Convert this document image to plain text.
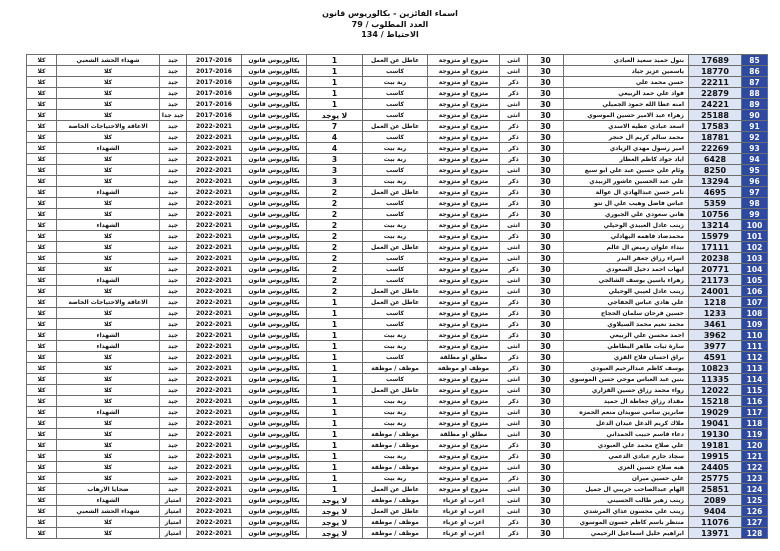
اسماء الفائزين - بكالوريوس قانون
العدد المطلوب / 79
الاحتياط / 134
85	17689	بتول حميد سعيد العبادي	30	انثى	متزوج او متزوجة	عاطل عن العمل	1	بكالوريوس قانون	2017-2016	جيد	شهداء الحشد الشعبي	كلا
86	18770	ياسمين عزيز جياد	30	انثى	متزوج او متزوجة	كاسب	1	بكالوريوس قانون	2017-2016	جيد	كلا	كلا
87	22211	حسن محمد علي	30	ذكر	متزوج او متزوجة	ربة بيت	1	بكالوريوس قانون	2017-2016	جيد	كلا	كلا
88	22879	فواد علي حمد الربيعي	30	ذكر	متزوج او متزوجة	كاسب	1	بكالوريوس قانون	2017-2016	جيد	كلا	كلا
89	24221	امنه عطا الله حمود الجميلي	30	انثى	متزوج او متزوجة	كاسب	1	بكالوريوس قانون	2017-2016	جيد	كلا	كلا
90	25188	زهراء عبد الامير حسين الموسوي	30	انثى	متزوج او متزوجة	كاسب	لا يوجد	بكالوريوس قانون	2017-2016	جيد جدا	كلا	كلا
91	17583	اسعد عبادي عطيه الاسدي	30	ذكر	متزوج او متزوجة	عاطل عن العمل	7	بكالوريوس قانون	2022-2021	جيد	الاعاقة والاحتياجات الخاصة	كلا
92	18781	محمد سالم كريم ال خنجر	30	ذكر	متزوج او متزوجة	كاسب	4	بكالوريوس قانون	2022-2021	جيد	كلا	كلا
93	22269	امير رسول مهدي الزيادي	30	ذكر	متزوج او متزوجة	ربة بيت	4	بكالوريوس قانون	2022-2021	جيد	الشهداء	كلا
94	6428	اياد جواد كاظم العطار	30	ذكر	متزوج او متزوجة	ربة بيت	3	بكالوريوس قانون	2022-2021	جيد	كلا	كلا
95	8250	وئام علي حسين عبد علي ابو سبع	30	انثى	متزوج او متزوجة	كاسب	3	بكالوريوس قانون	2022-2021	جيد	كلا	كلا
96	13294	علي عبد الحسين عاشور الزبيدي	30	ذكر	متزوج او متزوجة	ربة بيت	3	بكالوريوس قانون	2022-2021	جيد	كلا	كلا
97	4695	ثامر حسن عبدالهادي ال عوالة	30	ذكر	متزوج او متزوجة	عاطل عن العمل	2	بكالوريوس قانون	2022-2021	جيد	الشهداء	كلا
98	5359	عباس فاضل وهيب علي ال نتو	30	ذكر	متزوج او متزوجة	كاسب	2	بكالوريوس قانون	2022-2021	جيد	كلا	كلا
99	10756	هاني سعودي علي الجبوري	30	ذكر	متزوج او متزوجة	كاسب	2	بكالوريوس قانون	2022-2021	جيد	كلا	كلا
100	13214	زينب عادل العبيدي الوحيلي	30	انثى	متزوج او متزوجة	ربة بيت	2	بكالوريوس قانون	2022-2021	جيد	الشهداء	كلا
101	15979	محمدضاد فاهمه البهادلي	30	ذكر	متزوج او متزوجة	ربة بيت	2	بكالوريوس قانون	2022-2021	جيد	كلا	كلا
102	17111	بيداء علوان رميض ال غالم	30	انثى	متزوج او متزوجة	عاطل عن العمل	2	بكالوريوس قانون	2022-2021	جيد	كلا	كلا
103	20238	اسراء رزاق جعفر البدر	30	انثى	متزوج او متزوجة	كاسب	2	بكالوريوس قانون	2022-2021	جيد	كلا	كلا
104	20771	ايهاب احمد دخيل السعودي	30	ذكر	متزوج او متزوجة	كاسب	2	بكالوريوس قانون	2022-2021	جيد	كلا	كلا
105	21173	زهراء ياسين يوسف الشالجي	30	انثى	متزوج او متزوجة	كاسب	2	بكالوريوس قانون	2022-2021	جيد	الشهداء	كلا
106	24001	زينب عادل لعيبي الوحيلي	30	انثى	متزوج او متزوجة	عاطل عن العمل	2	بكالوريوس قانون	2022-2021	جيد	كلا	كلا
107	1218	علي هادي عباس الخفاجي	30	ذكر	متزوج او متزوجة	عاطل عن العمل	1	بكالوريوس قانون	2022-2021	جيد	الاعاقة والاحتياجات الخاصة	كلا
108	1233	حسين فرحان سلمان الحجاج	30	ذكر	متزوج او متزوجة	كاسب	1	بكالوريوس قانون	2022-2021	جيد	كلا	كلا
109	3461	محمد نعيم محمد السيلاوي	30	ذكر	متزوج او متزوجة	كاسب	1	بكالوريوس قانون	2022-2021	جيد	كلا	كلا
110	3962	احمد محسن علي الربيعي	30	ذكر	متزوج او متزوجة	ربة بيت	1	بكالوريوس قانون	2022-2021	جيد	الشهداء	كلا
111	3977	سارة ثيات طاهر البطاطي	30	انثى	متزوج او متزوجة	ربة بيت	1	بكالوريوس قانون	2022-2021	جيد	الشهداء	كلا
112	4591	براق احسان فلاح القزي	30	ذكر	مطلق او مطلقة	كاسب	1	بكالوريوس قانون	2022-2021	جيد	كلا	كلا
113	10823	يوسف كاظم عبدالرحيم العبودي	30	ذكر	موظف او موظفة	موظف / موظفة	1	بكالوريوس قانون	2022-2021	جيد	كلا	كلا
114	11335	بنين عبد العباس موحي حسن الموسوي	30	انثى	متزوج او متزوجة	كاسب	1	بكالوريوس قانون	2022-2021	جيد	كلا	كلا
115	12022	رواء محمد رزاق حسين الفزاري	30	انثى	متزوج او متزوجة	عاطل عن العمل	1	بكالوريوس قانون	2022-2021	جيد	كلا	كلا
116	15218	مقداد رزاق جعاطة ال حميد	30	ذكر	متزوج او متزوجة	ربة بيت	1	بكالوريوس قانون	2022-2021	جيد	كلا	كلا
117	19029	صابرين سامي سويدان منعم الحمزه	30	انثى	متزوج او متزوجة	ربة بيت	1	بكالوريوس قانون	2022-2021	جيد	الشهداء	كلا
118	19041	ملاك كريم الدغل عيدان الدغل	30	انثى	متزوج او متزوجة	ربة بيت	1	بكالوريوس قانون	2022-2021	جيد	كلا	كلا
119	19130	دعاء قاسم حبيب الحمداني	30	انثى	مطلق او مطلقة	موظف / موظفة	1	بكالوريوس قانون	2022-2021	جيد	كلا	كلا
120	19181	علي صلاح محمد علي العبودي	30	ذكر	متزوج او متزوجة	موظف / موظفة	1	بكالوريوس قانون	2022-2021	جيد	كلا	كلا
121	19915	سجاد جازم عبادي الدعمي	30	ذكر	متزوج او متزوجة	ربة بيت	1	بكالوريوس قانون	2022-2021	جيد	كلا	كلا
122	24405	هبه صلاح حسين الغزي	30	انثى	متزوج او متزوجة	موظف / موظفة	1	بكالوريوس قانون	2022-2021	جيد	كلا	كلا
123	25775	علي حسين ميران	30	ذكر	متزوج او متزوجة	ربة بيت	1	بكالوريوس قانون	2022-2021	جيد	كلا	كلا
124	25851	الهام عبدالصاحب جريبي ال جميل	30	انثى	متزوج او متزوجة	عاطل عن العمل	1	بكالوريوس قانون	2022-2021	جيد	ضحايا الارهاب	كلا
125	2089	زينب زهير طالب الحسيني	30	انثى	اعزب او عزباء	موظف / موظفة	لا يوجد	بكالوريوس قانون	2022-2021	امتياز	الشهداء	كلا
126	9404	زينب علي محسون عذاي المرشدي	30	انثى	اعزب او عزباء	عاطل عن العمل	لا يوجد	بكالوريوس قانون	2022-2021	امتياز	شهداء الحشد الشعبي	كلا
127	11076	منتظر باسم كاظم حسون الموسوي	30	ذكر	اعزب او عزباء	موظف / موظفة	لا يوجد	بكالوريوس قانون	2022-2021	امتياز	كلا	كلا
128	13971	ابراهيم خليل اسماعيل الرحيمي	30	ذكر	اعزب او عزباء	موظف / موظفة	لا يوجد	بكالوريوس قانون	2022-2021	امتياز	كلا	كلا
